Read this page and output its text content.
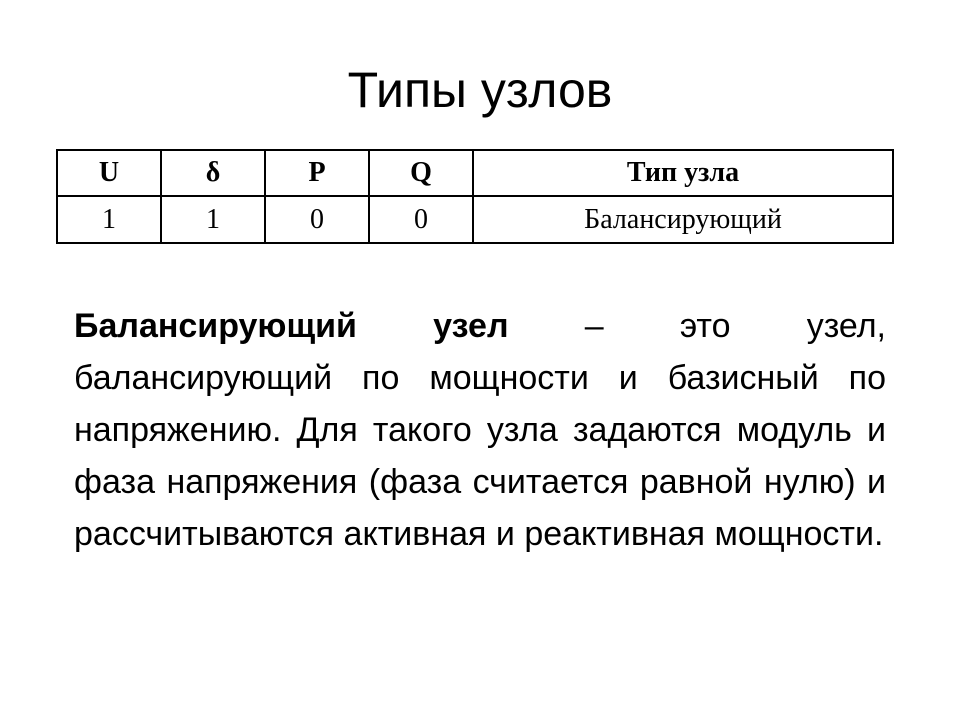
Типы узлов
U	δ	P	Q	Тип узла
1	1	0	0	Балансирующий

Балансирующий узел – это узел, балансирующий по мощности и базисный по напряжению. Для такого узла задаются модуль и фаза напряжения (фаза считается равной нулю) и рассчитываются активная и реактивная мощности.
